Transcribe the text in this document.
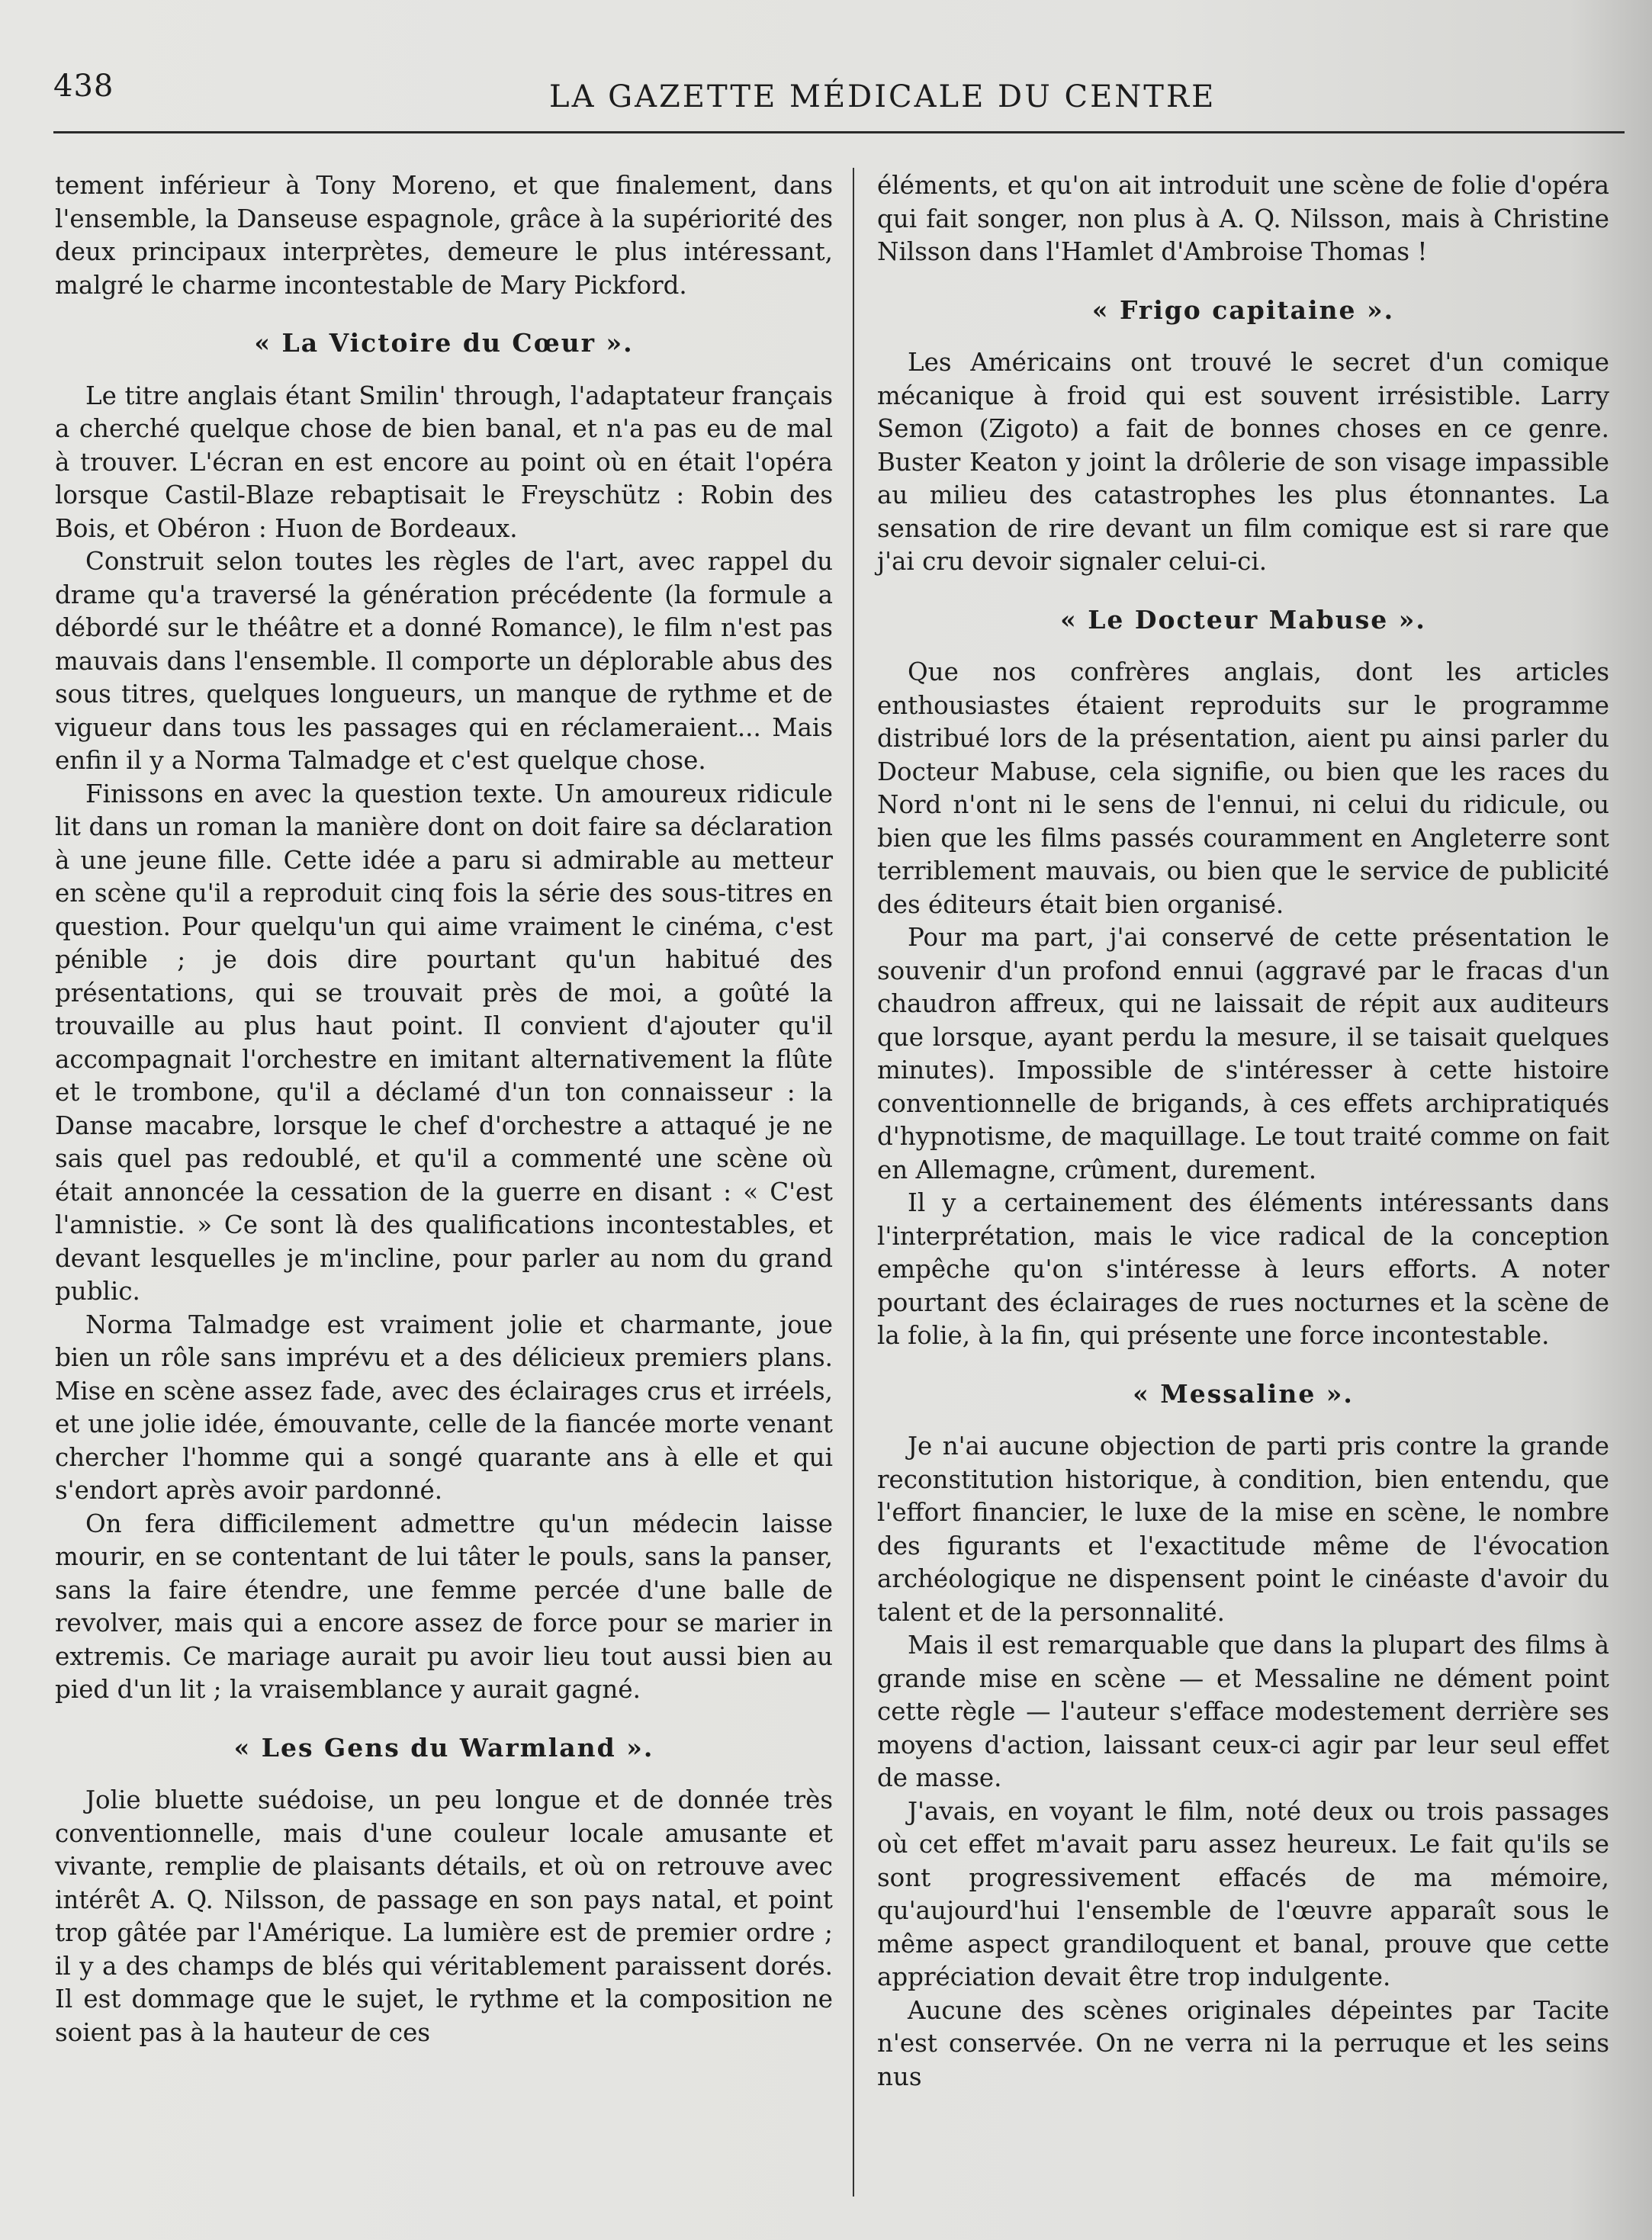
438	LA GAZETTE MÉDICALE DU CENTRE

tement inférieur à Tony Moreno, et que finalement, dans l'ensemble, la Danseuse espagnole, grâce à la supériorité des deux principaux interprètes, demeure le plus intéressant, malgré le charme incontestable de Mary Pickford.

« La Victoire du Cœur ».

Le titre anglais étant Smilin' through, l'adaptateur français a cherché quelque chose de bien banal, et n'a pas eu de mal à trouver. L'écran en est encore au point où en était l'opéra lorsque Castil-Blaze rebaptisait le Freyschütz : Robin des Bois, et Obéron : Huon de Bordeaux.

Construit selon toutes les règles de l'art, avec rappel du drame qu'a traversé la génération précédente (la formule a débordé sur le théâtre et a donné Romance), le film n'est pas mauvais dans l'ensemble. Il comporte un déplorable abus des sous titres, quelques longueurs, un manque de rythme et de vigueur dans tous les passages qui en réclameraient... Mais enfin il y a Norma Talmadge et c'est quelque chose.

Finissons en avec la question texte. Un amoureux ridicule lit dans un roman la manière dont on doit faire sa déclaration à une jeune fille. Cette idée a paru si admirable au metteur en scène qu'il a reproduit cinq fois la série des sous-titres en question. Pour quelqu'un qui aime vraiment le cinéma, c'est pénible ; je dois dire pourtant qu'un habitué des présentations, qui se trouvait près de moi, a goûté la trouvaille au plus haut point. Il convient d'ajouter qu'il accompagnait l'orchestre en imitant alternativement la flûte et le trombone, qu'il a déclamé d'un ton connaisseur : la Danse macabre, lorsque le chef d'orchestre a attaqué je ne sais quel pas redoublé, et qu'il a commenté une scène où était annoncée la cessation de la guerre en disant : « C'est l'amnistie. » Ce sont là des qualifications incontestables, et devant lesquelles je m'incline, pour parler au nom du grand public.

Norma Talmadge est vraiment jolie et charmante, joue bien un rôle sans imprévu et a des délicieux premiers plans. Mise en scène assez fade, avec des éclairages crus et irréels, et une jolie idée, émouvante, celle de la fiancée morte venant chercher l'homme qui a songé quarante ans à elle et qui s'endort après avoir pardonné.

On fera difficilement admettre qu'un médecin laisse mourir, en se contentant de lui tâter le pouls, sans la panser, sans la faire étendre, une femme percée d'une balle de revolver, mais qui a encore assez de force pour se marier in extremis. Ce mariage aurait pu avoir lieu tout aussi bien au pied d'un lit ; la vraisemblance y aurait gagné.

« Les Gens du Warmland ».

Jolie bluette suédoise, un peu longue et de donnée très conventionnelle, mais d'une couleur locale amusante et vivante, remplie de plaisants détails, et où on retrouve avec intérêt A. Q. Nilsson, de passage en son pays natal, et point trop gâtée par l'Amérique. La lumière est de premier ordre ; il y a des champs de blés qui véritablement paraissent dorés. Il est dommage que le sujet, le rythme et la composition ne soient pas à la hauteur de ces

éléments, et qu'on ait introduit une scène de folie d'opéra qui fait songer, non plus à A. Q. Nilsson, mais à Christine Nilsson dans l'Hamlet d'Ambroise Thomas !

« Frigo capitaine ».

Les Américains ont trouvé le secret d'un comique mécanique à froid qui est souvent irrésistible. Larry Semon (Zigoto) a fait de bonnes choses en ce genre. Buster Keaton y joint la drôlerie de son visage impassible au milieu des catastrophes les plus étonnantes. La sensation de rire devant un film comique est si rare que j'ai cru devoir signaler celui-ci.

« Le Docteur Mabuse ».

Que nos confrères anglais, dont les articles enthousiastes étaient reproduits sur le programme distribué lors de la présentation, aient pu ainsi parler du Docteur Mabuse, cela signifie, ou bien que les races du Nord n'ont ni le sens de l'ennui, ni celui du ridicule, ou bien que les films passés couramment en Angleterre sont terriblement mauvais, ou bien que le service de publicité des éditeurs était bien organisé.

Pour ma part, j'ai conservé de cette présentation le souvenir d'un profond ennui (aggravé par le fracas d'un chaudron affreux, qui ne laissait de répit aux auditeurs que lorsque, ayant perdu la mesure, il se taisait quelques minutes). Impossible de s'intéresser à cette histoire conventionnelle de brigands, à ces effets archipratiqués d'hypnotisme, de maquillage. Le tout traité comme on fait en Allemagne, crûment, durement.

Il y a certainement des éléments intéressants dans l'interprétation, mais le vice radical de la conception empêche qu'on s'intéresse à leurs efforts. A noter pourtant des éclairages de rues nocturnes et la scène de la folie, à la fin, qui présente une force incontestable.

« Messaline ».

Je n'ai aucune objection de parti pris contre la grande reconstitution historique, à condition, bien entendu, que l'effort financier, le luxe de la mise en scène, le nombre des figurants et l'exactitude même de l'évocation archéologique ne dispensent point le cinéaste d'avoir du talent et de la personnalité.

Mais il est remarquable que dans la plupart des films à grande mise en scène — et Messaline ne dément point cette règle — l'auteur s'efface modestement derrière ses moyens d'action, laissant ceux-ci agir par leur seul effet de masse.

J'avais, en voyant le film, noté deux ou trois passages où cet effet m'avait paru assez heureux. Le fait qu'ils se sont progressivement effacés de ma mémoire, qu'aujourd'hui l'ensemble de l'œuvre apparaît sous le même aspect grandiloquent et banal, prouve que cette appréciation devait être trop indulgente.

Aucune des scènes originales dépeintes par Tacite n'est conservée. On ne verra ni la perruque et les seins nus
